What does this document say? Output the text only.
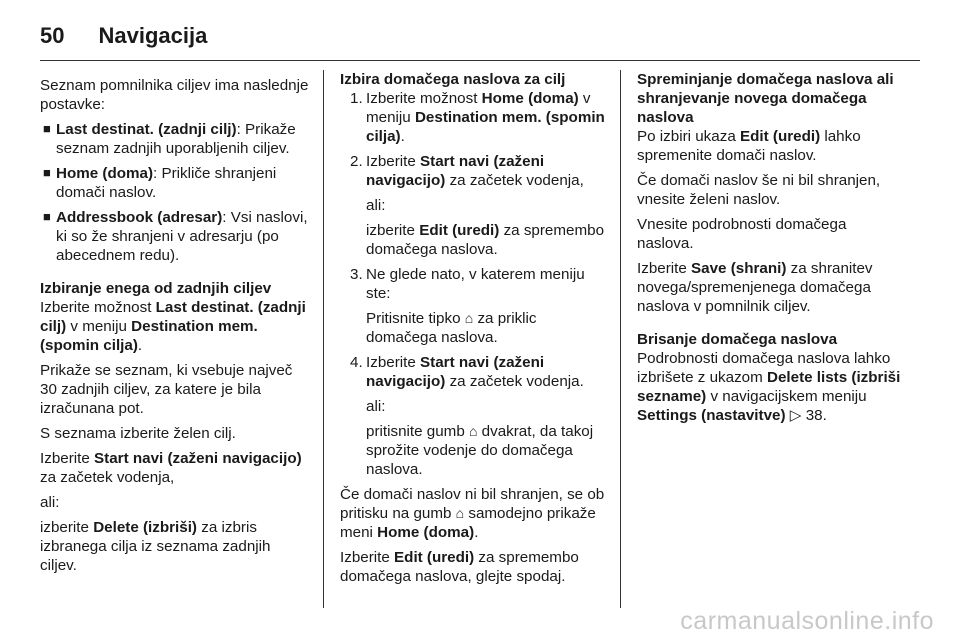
50 Navigacija

Seznam pomnilnika ciljev ima naslednje postavke:

■ Last destinat. (zadnji cilj): Prikaže seznam zadnjih uporabljenih ciljev.
■ Home (doma): Prikliče shranjeni domači naslov.
■ Addressbook (adresar): Vsi naslovi, ki so že shranjeni v adresarju (po abecednem redu).

Izbiranje enega od zadnjih ciljev

Izberite možnost Last destinat. (zadnji cilj) v meniju Destination mem. (spomin cilja).

Prikaže se seznam, ki vsebuje največ 30 zadnjih ciljev, za katere je bila izračunana pot.

S seznama izberite želen cilj.

Izberite Start navi (zaženi navigacijo) za začetek vodenja,

ali:

izberite Delete (izbriši) za izbris izbranega cilja iz seznama zadnjih ciljev.

Izbira domačega naslova za cilj

1. Izberite možnost Home (doma) v meniju Destination mem. (spomin cilja).
2. Izberite Start navi (zaženi navigacijo) za začetek vodenja,
ali:
izberite Edit (uredi) za spremembo domačega naslova.
3. Ne glede nato, v katerem meniju ste:
Pritisnite tipko ⌂ za priklic domačega naslova.
4. Izberite Start navi (zaženi navigacijo) za začetek vodenja.
ali:
pritisnite gumb ⌂ dvakrat, da takoj sprožite vodenje do domačega naslova.

Če domači naslov ni bil shranjen, se ob pritisku na gumb ⌂ samodejno prikaže meni Home (doma).

Izberite Edit (uredi) za spremembo domačega naslova, glejte spodaj.

Spreminjanje domačega naslova ali shranjevanje novega domačega naslova

Po izbiri ukaza Edit (uredi) lahko spremenite domači naslov.

Če domači naslov še ni bil shranjen, vnesite želeni naslov.

Vnesite podrobnosti domačega naslova.

Izberite Save (shrani) za shranitev novega/spremenjenega domačega naslova v pomnilnik ciljev.

Brisanje domačega naslova

Podrobnosti domačega naslova lahko izbrišete z ukazom Delete lists (izbriši sezname) v navigacijskem meniju Settings (nastavitve) ▷ 38.

carmanualsonline.info
